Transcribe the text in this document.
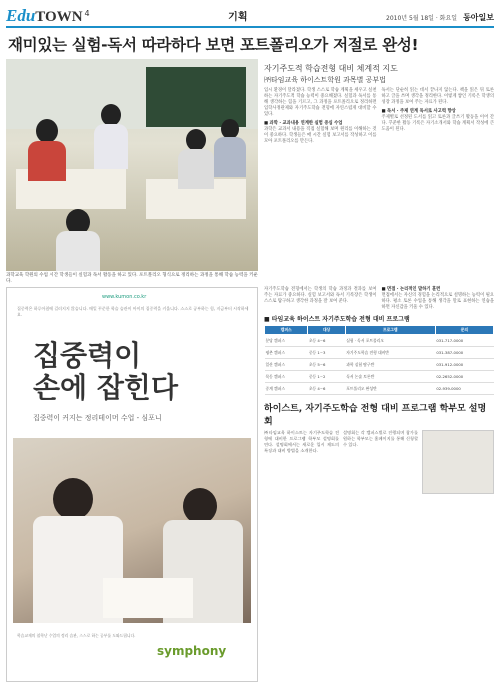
EduTOWN 4	기획	2010년 5월 18일 · 화요일 동아일보
재미있는 실험-독서 따라하다 보면 포트폴리오가 저절로 완성!
과학교육 학원의 수업 시간 학생들이 실험과 독서 활동을 하고 있다. 포트폴리오 형식으로 정리하는 과정을 통해 학습 능력을 키운다.
자기주도적 학습전형 대비 체계적 지도
㈜타임교육 하이스트학원 과목별 공부법
입시 환경이 달라졌다. 학생 스스로 학습 계획을 세우고 실천하는 자기주도적 학습 능력이 중요해졌다. 실험과 독서를 통해 생각하는 힘을 기르고, 그 과정을 포트폴리오로 정리하면 입학사정관제와 자기주도학습 전형에 자연스럽게 대비할 수 있다.
■ 과학 · 교과내용 연계한 실험 중심 수업
과학은 교과서 내용을 직접 실험해 보며 원리를 이해하는 것이 중요하다. 학생들은 매 시간 실험 보고서를 작성하고 이를 모아 포트폴리오를 만든다.
독서는 단순히 읽는 데서 끝나지 않는다. 책을 읽은 뒤 토론하고 글을 쓰며 생각을 정리한다. 이렇게 쌓인 기록은 학생의 성장 과정을 보여 주는 자료가 된다.
■ 독서 · 주제 연계 독서로 사고력 향상
주제별로 선정된 도서를 읽고 토론과 글쓰기 활동을 이어 간다. 꾸준한 활동 기록은 자기소개서와 학습 계획서 작성에 큰 도움이 된다.
집중력은 하루아침에 길러지지 않습니다. 매일 꾸준한 학습 습관이 아이의 집중력을 키웁니다. 스스로 공부하는 힘, 지금부터 시작하세요.
www.kumon.co.kr
집중력이
손에 잡힌다
집중력이 커지는 정리테이머 수업 - 심포니
학습교재의 철학난 수업의 정리 습관, 스스로 하는 공부를 도와드립니다.
symphony
자기주도학습 전형에서는 학생의 학습 과정과 결과를 보여 주는 자료가 중요하다. 실험 보고서와 독서 기록장은 학생이 스스로 탐구하고 생각한 과정을 잘 보여 준다.
■ 면접 · 논리적인 말하기 훈련
면접에서는 자신의 경험을 논리적으로 설명하는 능력이 필요하다. 평소 토론 수업을 통해 생각을 말로 표현하는 연습을 하면 자신감을 키울 수 있다.
■ 타임교육 하이스트 자기주도학습 전형 대비 프로그램
캠퍼스	대상	프로그램	문의
분당 캠퍼스	초등 4~6	실험 · 독서 포트폴리오	031-717-0000
평촌 캠퍼스	중등 1~3	자기주도학습 전형 대비반	031-387-0000
일산 캠퍼스	초등 5~6	과학 실험 탐구반	031-912-0000
목동 캠퍼스	중등 1~2	독서 논술 토론반	02-2652-0000
중계 캠퍼스	초등 4~6	포트폴리오 완성반	02-939-0000
하이스트, 자기주도학습 전형 대비 프로그램 학부모 설명회
㈜타임교육 하이스트는 자기주도학습 전형에 대비한 프로그램 학부모 설명회를 연다. 설명회에서는 새로운 입시 제도의 특징과 대비 방법을 소개한다.
설명회는 각 캠퍼스별로 진행되며 참가를 원하는 학부모는 홈페이지를 통해 신청할 수 있다.
